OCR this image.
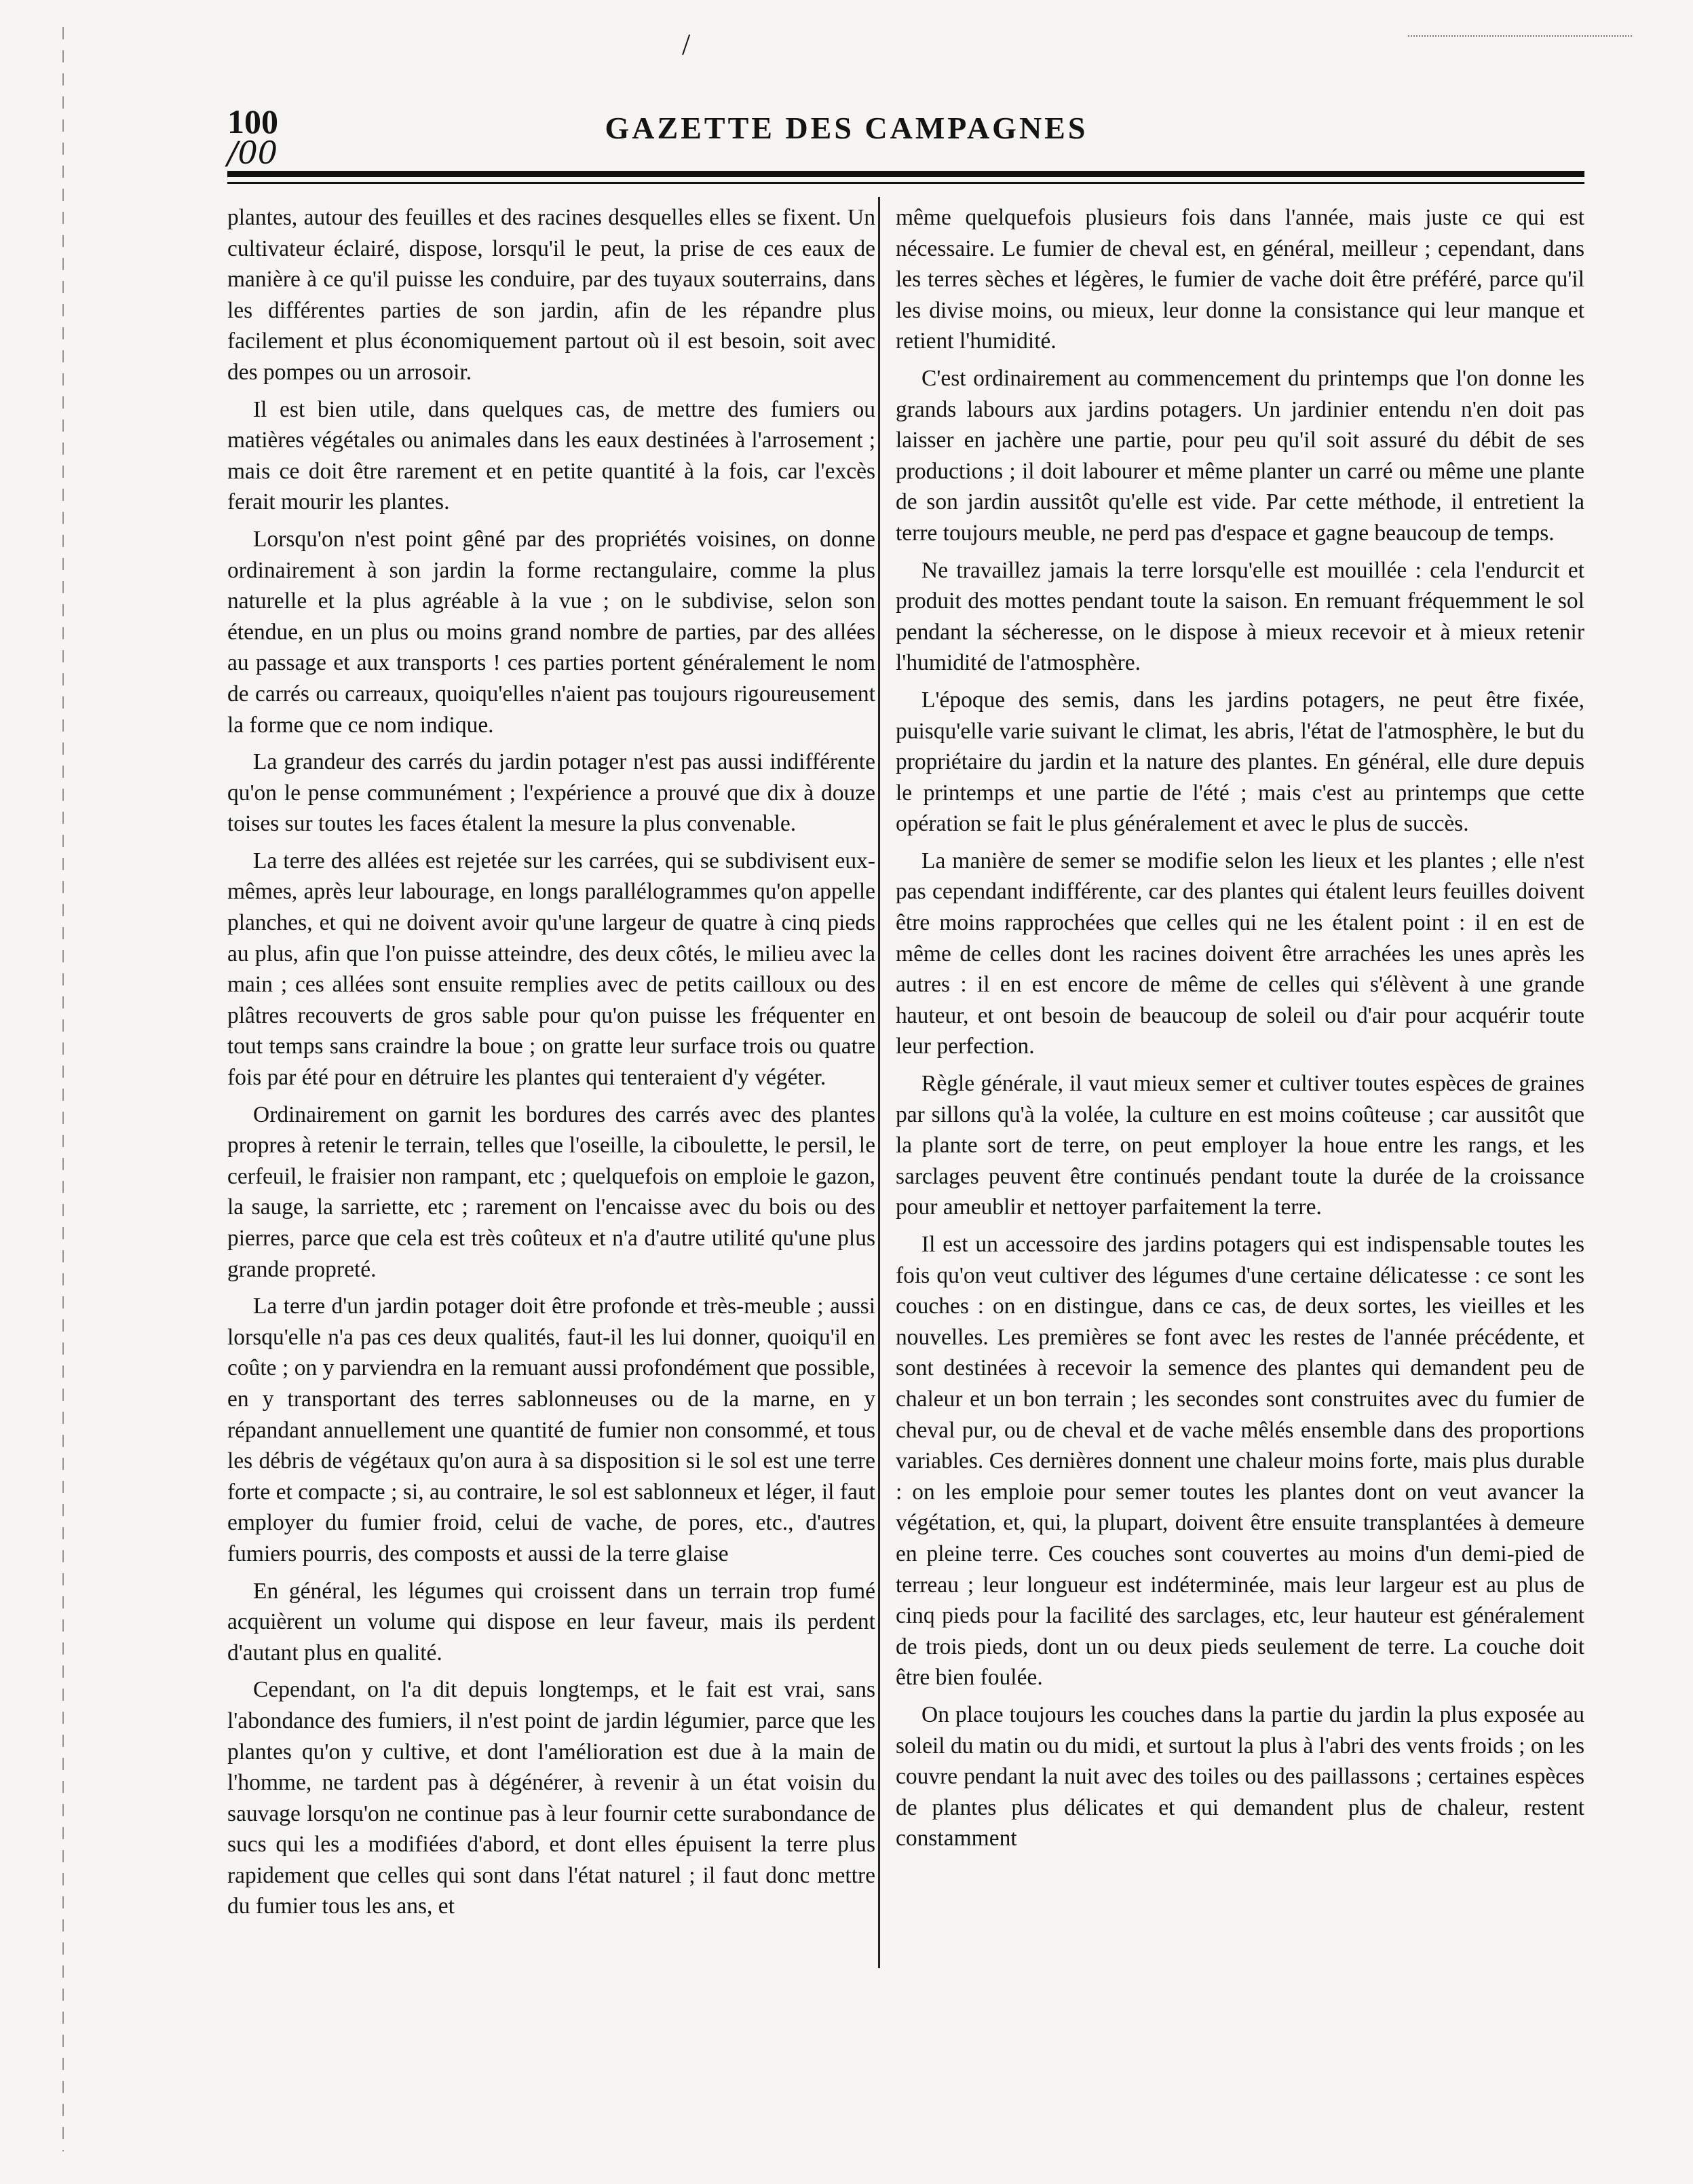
/
100
/00
GAZETTE DES CAMPAGNES

plantes, autour des feuilles et des racines desquelles elles se fixent. Un cultivateur éclairé, dispose, lorsqu'il le peut, la prise de ces eaux de manière à ce qu'il puisse les conduire, par des tuyaux souterrains, dans les différentes parties de son jardin, afin de les répandre plus facilement et plus économiquement partout où il est besoin, soit avec des pompes ou un arrosoir.

Il est bien utile, dans quelques cas, de mettre des fumiers ou matières végétales ou animales dans les eaux destinées à l'arrosement ; mais ce doit être rarement et en petite quantité à la fois, car l'excès ferait mourir les plantes.

Lorsqu'on n'est point gêné par des propriétés voisines, on donne ordinairement à son jardin la forme rectangulaire, comme la plus naturelle et la plus agréable à la vue ; on le subdivise, selon son étendue, en un plus ou moins grand nombre de parties, par des allées au passage et aux transports ! ces parties portent généralement le nom de carrés ou carreaux, quoiqu'elles n'aient pas toujours rigoureusement la forme que ce nom indique.

La grandeur des carrés du jardin potager n'est pas aussi indifférente qu'on le pense communément ; l'expérience a prouvé que dix à douze toises sur toutes les faces étalent la mesure la plus convenable.

La terre des allées est rejetée sur les carrées, qui se subdivisent eux-mêmes, après leur labourage, en longs parallélogrammes qu'on appelle planches, et qui ne doivent avoir qu'une largeur de quatre à cinq pieds au plus, afin que l'on puisse atteindre, des deux côtés, le milieu avec la main ; ces allées sont ensuite remplies avec de petits cailloux ou des plâtres recouverts de gros sable pour qu'on puisse les fréquenter en tout temps sans craindre la boue ; on gratte leur surface trois ou quatre fois par été pour en détruire les plantes qui tenteraient d'y végéter.

Ordinairement on garnit les bordures des carrés avec des plantes propres à retenir le terrain, telles que l'oseille, la ciboulette, le persil, le cerfeuil, le fraisier non rampant, etc ; quelquefois on emploie le gazon, la sauge, la sarriette, etc ; rarement on l'encaisse avec du bois ou des pierres, parce que cela est très coûteux et n'a d'autre utilité qu'une plus grande propreté.

La terre d'un jardin potager doit être profonde et très-meuble ; aussi lorsqu'elle n'a pas ces deux qualités, faut-il les lui donner, quoiqu'il en coûte ; on y parviendra en la remuant aussi profondément que possible, en y transportant des terres sablonneuses ou de la marne, en y répandant annuellement une quantité de fumier non consommé, et tous les débris de végétaux qu'on aura à sa disposition si le sol est une terre forte et compacte ; si, au contraire, le sol est sablonneux et léger, il faut employer du fumier froid, celui de vache, de pores, etc., d'autres fumiers pourris, des composts et aussi de la terre glaise

En général, les légumes qui croissent dans un terrain trop fumé acquièrent un volume qui dispose en leur faveur, mais ils perdent d'autant plus en qualité.

Cependant, on l'a dit depuis longtemps, et le fait est vrai, sans l'abondance des fumiers, il n'est point de jardin légumier, parce que les plantes qu'on y cultive, et dont l'amélioration est due à la main de l'homme, ne tardent pas à dégénérer, à revenir à un état voisin du sauvage lorsqu'on ne continue pas à leur fournir cette surabondance de sucs qui les a modifiées d'abord, et dont elles épuisent la terre plus rapidement que celles qui sont dans l'état naturel ; il faut donc mettre du fumier tous les ans, et

même quelquefois plusieurs fois dans l'année, mais juste ce qui est nécessaire. Le fumier de cheval est, en général, meilleur ; cependant, dans les terres sèches et légères, le fumier de vache doit être préféré, parce qu'il les divise moins, ou mieux, leur donne la consistance qui leur manque et retient l'humidité.

C'est ordinairement au commencement du printemps que l'on donne les grands labours aux jardins potagers. Un jardinier entendu n'en doit pas laisser en jachère une partie, pour peu qu'il soit assuré du débit de ses productions ; il doit labourer et même planter un carré ou même une plante de son jardin aussitôt qu'elle est vide. Par cette méthode, il entretient la terre toujours meuble, ne perd pas d'espace et gagne beaucoup de temps.

Ne travaillez jamais la terre lorsqu'elle est mouillée : cela l'endurcit et produit des mottes pendant toute la saison. En remuant fréquemment le sol pendant la sécheresse, on le dispose à mieux recevoir et à mieux retenir l'humidité de l'atmosphère.

L'époque des semis, dans les jardins potagers, ne peut être fixée, puisqu'elle varie suivant le climat, les abris, l'état de l'atmosphère, le but du propriétaire du jardin et la nature des plantes. En général, elle dure depuis le printemps et une partie de l'été ; mais c'est au printemps que cette opération se fait le plus généralement et avec le plus de succès.

La manière de semer se modifie selon les lieux et les plantes ; elle n'est pas cependant indifférente, car des plantes qui étalent leurs feuilles doivent être moins rapprochées que celles qui ne les étalent point : il en est de même de celles dont les racines doivent être arrachées les unes après les autres : il en est encore de même de celles qui s'élèvent à une grande hauteur, et ont besoin de beaucoup de soleil ou d'air pour acquérir toute leur perfection.

Règle générale, il vaut mieux semer et cultiver toutes espèces de graines par sillons qu'à la volée, la culture en est moins coûteuse ; car aussitôt que la plante sort de terre, on peut employer la houe entre les rangs, et les sarclages peuvent être continués pendant toute la durée de la croissance pour ameublir et nettoyer parfaitement la terre.

Il est un accessoire des jardins potagers qui est indispensable toutes les fois qu'on veut cultiver des légumes d'une certaine délicatesse : ce sont les couches : on en distingue, dans ce cas, de deux sortes, les vieilles et les nouvelles. Les premières se font avec les restes de l'année précédente, et sont destinées à recevoir la semence des plantes qui demandent peu de chaleur et un bon terrain ; les secondes sont construites avec du fumier de cheval pur, ou de cheval et de vache mêlés ensemble dans des proportions variables. Ces dernières donnent une chaleur moins forte, mais plus durable : on les emploie pour semer toutes les plantes dont on veut avancer la végétation, et, qui, la plupart, doivent être ensuite transplantées à demeure en pleine terre. Ces couches sont couvertes au moins d'un demi-pied de terreau ; leur longueur est indéterminée, mais leur largeur est au plus de cinq pieds pour la facilité des sarclages, etc, leur hauteur est généralement de trois pieds, dont un ou deux pieds seulement de terre. La couche doit être bien foulée.

On place toujours les couches dans la partie du jardin la plus exposée au soleil du matin ou du midi, et surtout la plus à l'abri des vents froids ; on les couvre pendant la nuit avec des toiles ou des paillassons ; certaines espèces de plantes plus délicates et qui demandent plus de chaleur, restent constamment
